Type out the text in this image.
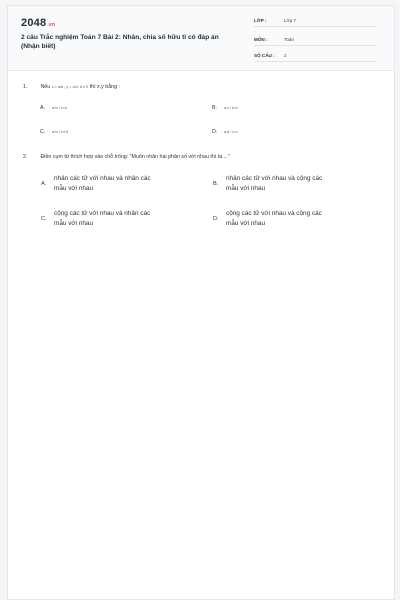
2048.vn
2 câu Trắc nghiệm Toán 7 Bài 2: Nhân, chia số hữu tỉ có đáp án (Nhận biết)
LỚP :	Lớp 7
MÔN :	Toán
SỐ CÂU : 2
1. Nếu x = a/b ; y = c/d, d ≠ 0 thì x.y bằng :
A. a+c / b.d	B. a.c / b.d
C. a+c / b+d	D. a.d / b.c
2. Điền cụm từ thích hợp vào chỗ trống: "Muốn nhân hai phân số với nhau thì ta ..."
A.
nhân các tử với nhau và nhân các
mẫu với nhau
B.
nhân các tử với nhau và cộng các
mẫu với nhau
C.
cộng các tử với nhau và nhân các
mẫu với nhau
D.
cộng các tử với nhau và cộng các
mẫu với nhau
